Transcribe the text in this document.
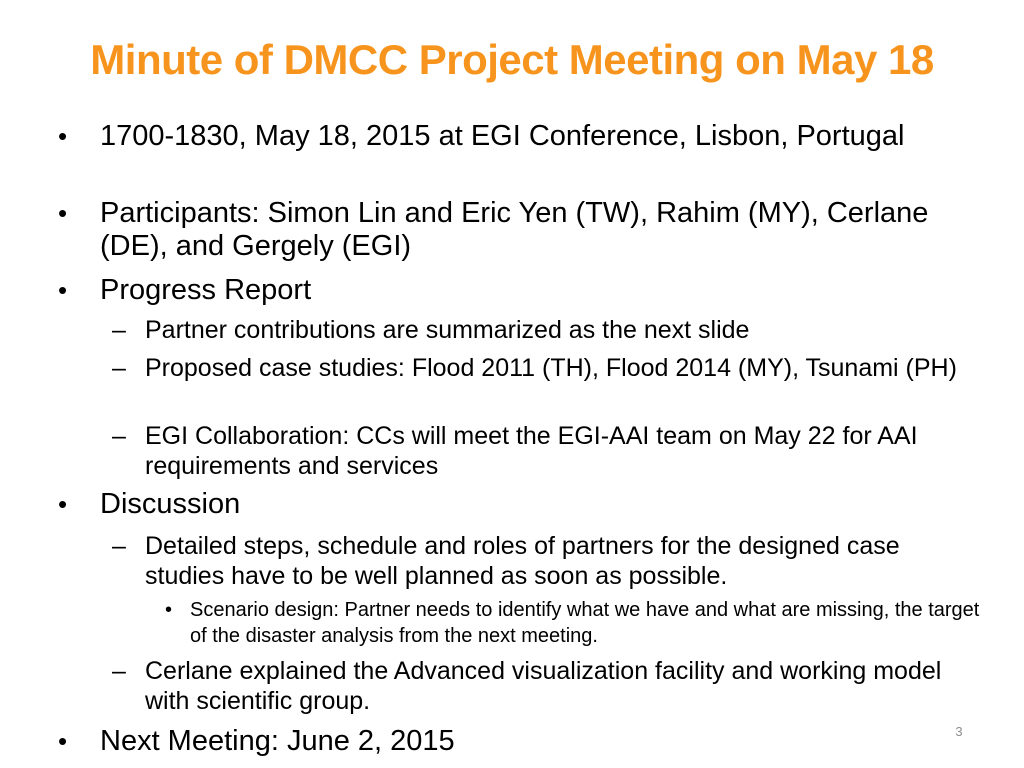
Minute of DMCC Project Meeting on May 18
• 1700-1830, May 18, 2015 at EGI Conference, Lisbon, Portugal
• Participants: Simon Lin and Eric Yen (TW), Rahim (MY), Cerlane (DE), and Gergely (EGI)
• Progress Report
– Partner contributions are summarized as the next slide
– Proposed case studies: Flood 2011 (TH), Flood 2014 (MY), Tsunami (PH)
– EGI Collaboration: CCs will meet the EGI-AAI team on May 22 for AAI requirements and services
• Discussion
– Detailed steps, schedule and roles of partners for the designed case studies have to be well planned as soon as possible.
• Scenario design: Partner needs to identify what we have and what are missing, the target of the disaster analysis from the next meeting.
– Cerlane explained the Advanced visualization facility and working model with scientific group.
• Next Meeting: June 2, 2015	3
